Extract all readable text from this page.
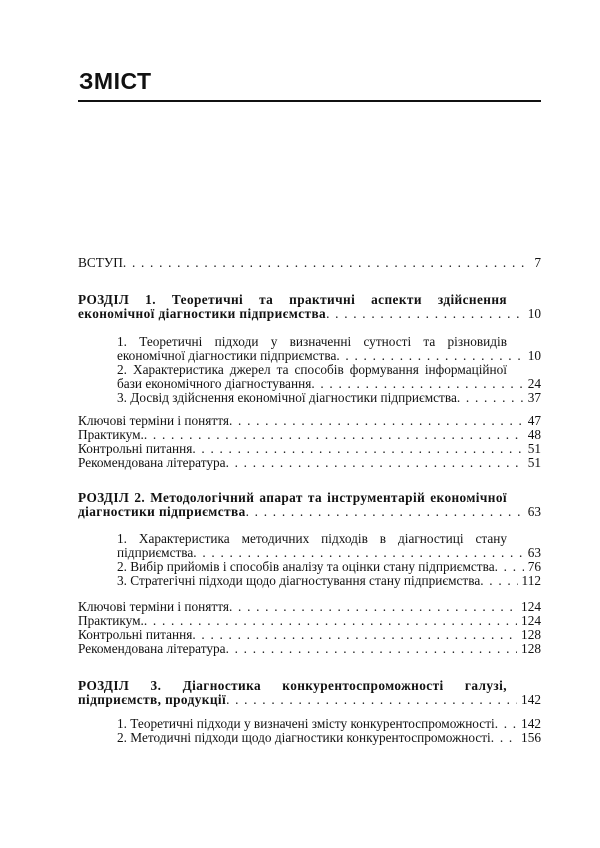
ЗМІСТ
ВСТУП . . .	7
РОЗДІЛ 1. Теоретичні та практичні аспекти здійснення економічної діагностики підприємства . . .	10
1. Теоретичні підходи у визначенні сутності та різновидів економічної діагностики підприємства . . .	10
2. Характеристика джерел та способів формування інформаційної бази економічного діагностування . . .	24
3. Досвід здійснення економічної діагностики підприємства . . .	37
Ключові терміни і поняття . . .	47
Практикум. . . .	48
Контрольні питання . . .	51
Рекомендована література . . .	51
РОЗДІЛ 2. Методологічний апарат та інструментарій економічної діагностики підприємства . . .	63
1. Характеристика методичних підходів в діагностиці стану підприємства . . .	63
2. Вибір прийомів і способів аналізу та оцінки стану підприємства . . .	76
3. Стратегічні підходи щодо діагностування стану підприємства . . .	112
Ключові терміни і поняття . . .	124
Практикум. . . .	124
Контрольні питання . . .	128
Рекомендована література . . .	128
РОЗДІЛ 3. Діагностика конкурентоспроможності галузі, підприємств, продукції . . .	142
1. Теоретичні підходи у визначені змісту конкурентоспроможності . . .	142
2. Методичні підходи щодо діагностики конкурентоспроможності . . .	156
